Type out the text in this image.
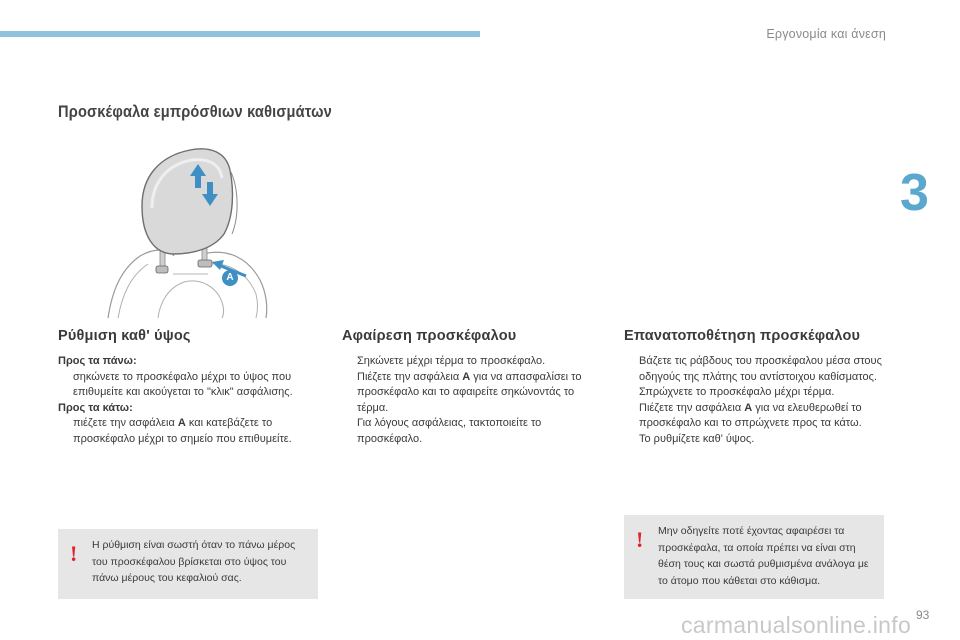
Εργονομία και άνεση
3
Προσκέφαλα εμπρόσθιων καθισμάτων
A
Ρύθμιση καθ' ύψος
Προς τα πάνω:
σηκώνετε το προσκέφαλο μέχρι το ύψος που επιθυμείτε και ακούγεται το "κλικ" ασφάλισης.
Προς τα κάτω:
πιέζετε την ασφάλεια A και κατεβάζετε το προσκέφαλο μέχρι το σημείο που επιθυμείτε.
Αφαίρεση προσκέφαλου
Σηκώνετε μέχρι τέρμα το προσκέφαλο.
Πιέζετε την ασφάλεια A για να απασφαλίσει το προσκέφαλο και το αφαιρείτε σηκώνοντάς το τέρμα.
Για λόγους ασφάλειας, τακτοποιείτε το προσκέφαλο.
Επανατοποθέτηση προσκέφαλου
Βάζετε τις ράβδους του προσκέφαλου μέσα στους οδηγούς της πλάτης του αντίστοιχου καθίσματος.
Σπρώχνετε το προσκέφαλο μέχρι τέρμα.
Πιέζετε την ασφάλεια A για να ελευθερωθεί το προσκέφαλο και το σπρώχνετε προς τα κάτω.
Το ρυθμίζετε καθ' ύψος.
! Η ρύθμιση είναι σωστή όταν το πάνω μέρος του προσκέφαλου βρίσκεται στο ύψος του πάνω μέρους του κεφαλιού σας.
! Μην οδηγείτε ποτέ έχοντας αφαιρέσει τα προσκέφαλα, τα οποία πρέπει να είναι στη θέση τους και σωστά ρυθμισμένα ανάλογα με το άτομο που κάθεται στο κάθισμα.
carmanualsonline.info 93
